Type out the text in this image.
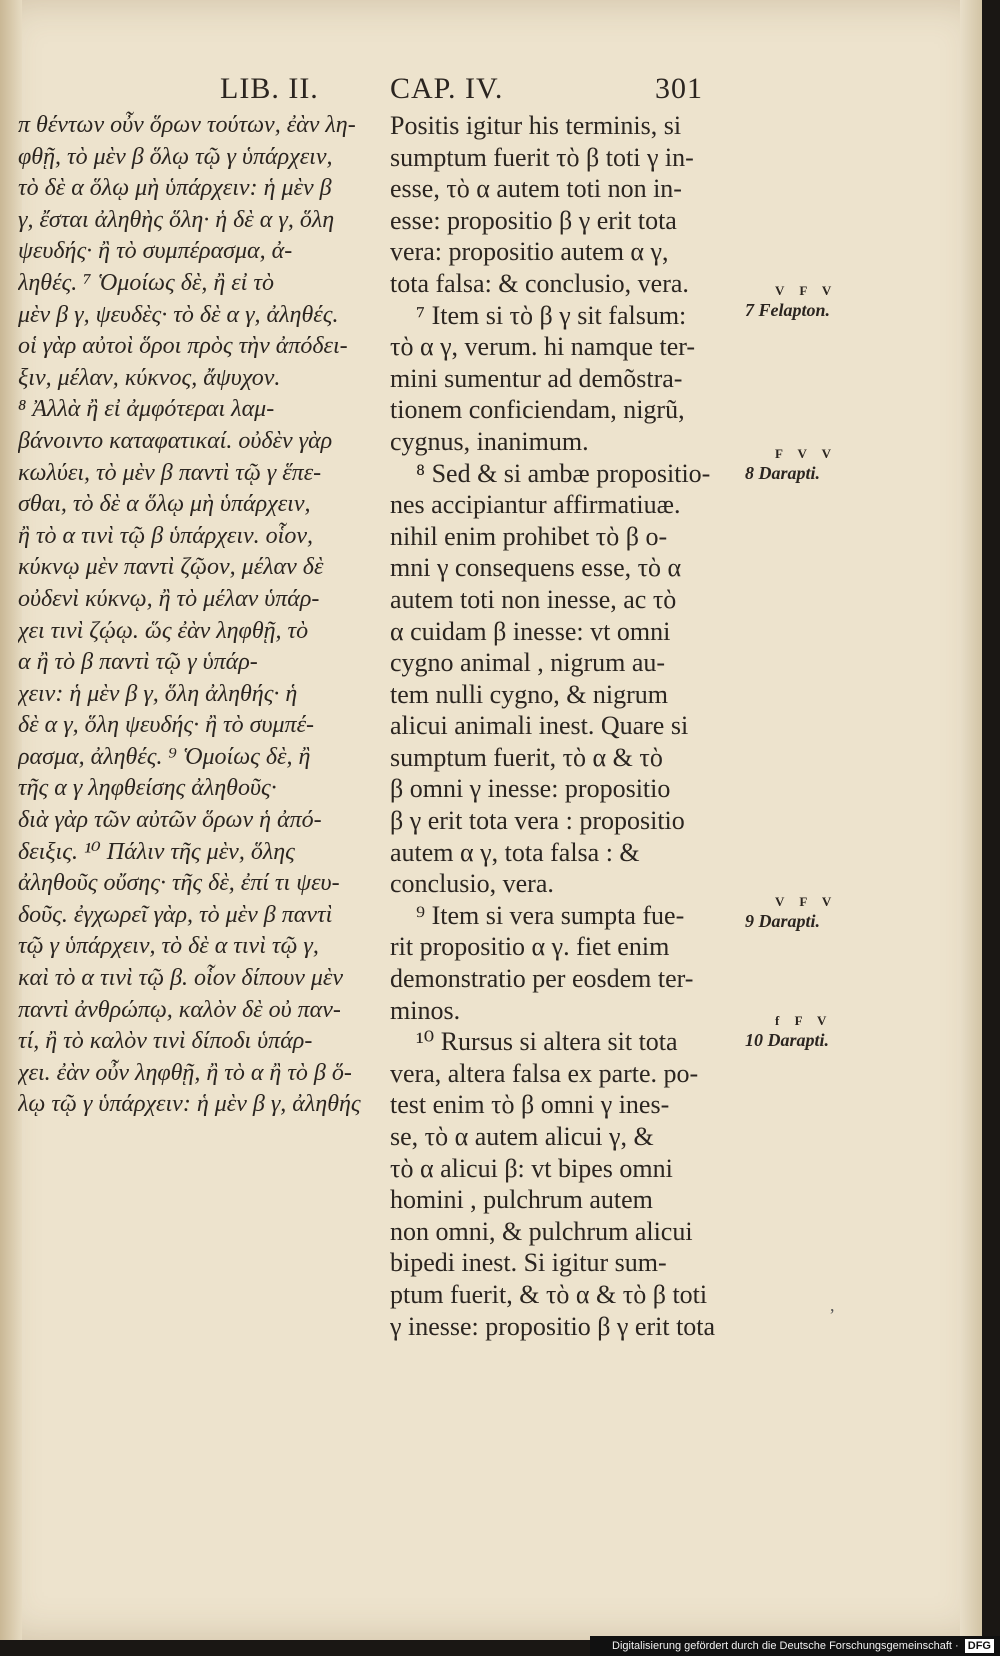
LIB. II. CAP. IV.	301
π θέντων οὖν ὅρων τούτων, ἐὰν λη-
φθῇ, τὸ μὲν β ὅλῳ τῷ γ ὑπάρχειν,
τὸ δὲ α ὅλῳ μὴ ὑπάρχειν: ἡ μὲν β
γ, ἔσται ἀληθὴς ὅλη· ἡ δὲ α γ, ὅλη
ψευδής· ἢ τὸ συμπέρασμα, ἀ-
ληθές. ⁷ Ὁμοίως δὲ, ἢ εἰ τὸ
μὲν β γ, ψευδὲς· τὸ δὲ α γ, ἀληθές.
οἱ γὰρ αὐτοὶ ὅροι πρὸς τὴν ἀπόδει-
ξιν, μέλαν, κύκνος, ἄψυχον.
⁸ Ἀλλὰ ἢ εἰ ἀμφότεραι λαμ-
βάνοιντο καταφατικαί. οὐδὲν γὰρ
κωλύει, τὸ μὲν β παντὶ τῷ γ ἕπε-
σθαι, τὸ δὲ α ὅλῳ μὴ ὑπάρχειν,
ἢ τὸ α τινὶ τῷ β ὑπάρχειν. οἷον,
κύκνῳ μὲν παντὶ ζῷον, μέλαν δὲ
οὐδενὶ κύκνῳ, ἢ τὸ μέλαν ὑπάρ-
χει τινὶ ζῴῳ. ὥς ἐὰν ληφθῇ, τὸ
α ἢ τὸ β παντὶ τῷ γ ὑπάρ-
χειν: ἡ μὲν β γ, ὅλη ἀληθής· ἡ
δὲ α γ, ὅλη ψευδής· ἢ τὸ συμπέ-
ρασμα, ἀληθές. ⁹ Ὁμοίως δὲ, ἢ
τῆς α γ ληφθείσης ἀληθοῦς·
διὰ γὰρ τῶν αὐτῶν ὅρων ἡ ἀπό-
δειξις. ¹⁰ Πάλιν τῆς μὲν, ὅλης
ἀληθοῦς οὔσης· τῆς δὲ, ἐπί τι ψευ-
δοῦς. ἐγχωρεῖ γὰρ, τὸ μὲν β παντὶ
τῷ γ ὑπάρχειν, τὸ δὲ α τινὶ τῷ γ,
καὶ τὸ α τινὶ τῷ β. οἷον δίπουν μὲν
παντὶ ἀνθρώπῳ, καλὸν δὲ οὐ παν-
τί, ἢ τὸ καλὸν τινὶ δίποδι ὑπάρ-
χει. ἐὰν οὖν ληφθῇ, ἢ τὸ α ἢ τὸ β ὅ-
λῳ τῷ γ ὑπάρχειν: ἡ μὲν β γ, ἀληθής
Positis igitur his terminis, si
sumptum fuerit τὸ β toti γ in-
esse, τὸ α autem toti non in-
esse: propositio β γ erit tota
vera: propositio autem α γ,
tota falsa: & conclusio, vera.
⁷ Item si τὸ β γ sit falsum:
τὸ α γ, verum. hi namque ter-
mini sumentur ad demõstra-
tionem conficiendam, nigrũ,
cygnus, inanimum.
⁸ Sed & si ambæ propositio-
nes accipiantur affirmatiuæ.
nihil enim prohibet τὸ β o-
mni γ consequens esse, τὸ α
autem toti non inesse, ac τὸ
α cuidam β inesse: vt omni
cygno animal , nigrum au-
tem nulli cygno, & nigrum
alicui animali inest. Quare si
sumptum fuerit, τὸ α & τὸ
β omni γ inesse: propositio
β γ erit tota vera : propositio
autem α γ, tota falsa : &
conclusio, vera.
⁹ Item si vera sumpta fue-
rit propositio α γ. fiet enim
demonstratio per eosdem ter-
minos.
¹⁰ Rursus si altera sit tota
vera, altera falsa ex parte. po-
test enim τὸ β omni γ ines-
se, τὸ α autem alicui γ, &
τὸ α alicui β: vt bipes omni
homini , pulchrum autem
non omni, & pulchrum alicui
bipedi inest. Si igitur sum-
ptum fuerit, & τὸ α & τὸ β toti
γ inesse: propositio β γ erit tota
V F V
7 Felapton.
F V V
8 Darapti.
V F V
9 Darapti.
f F V
10 Darapti.
,
Digitalisierung gefördert durch die Deutsche Forschungsgemeinschaft · DFG
